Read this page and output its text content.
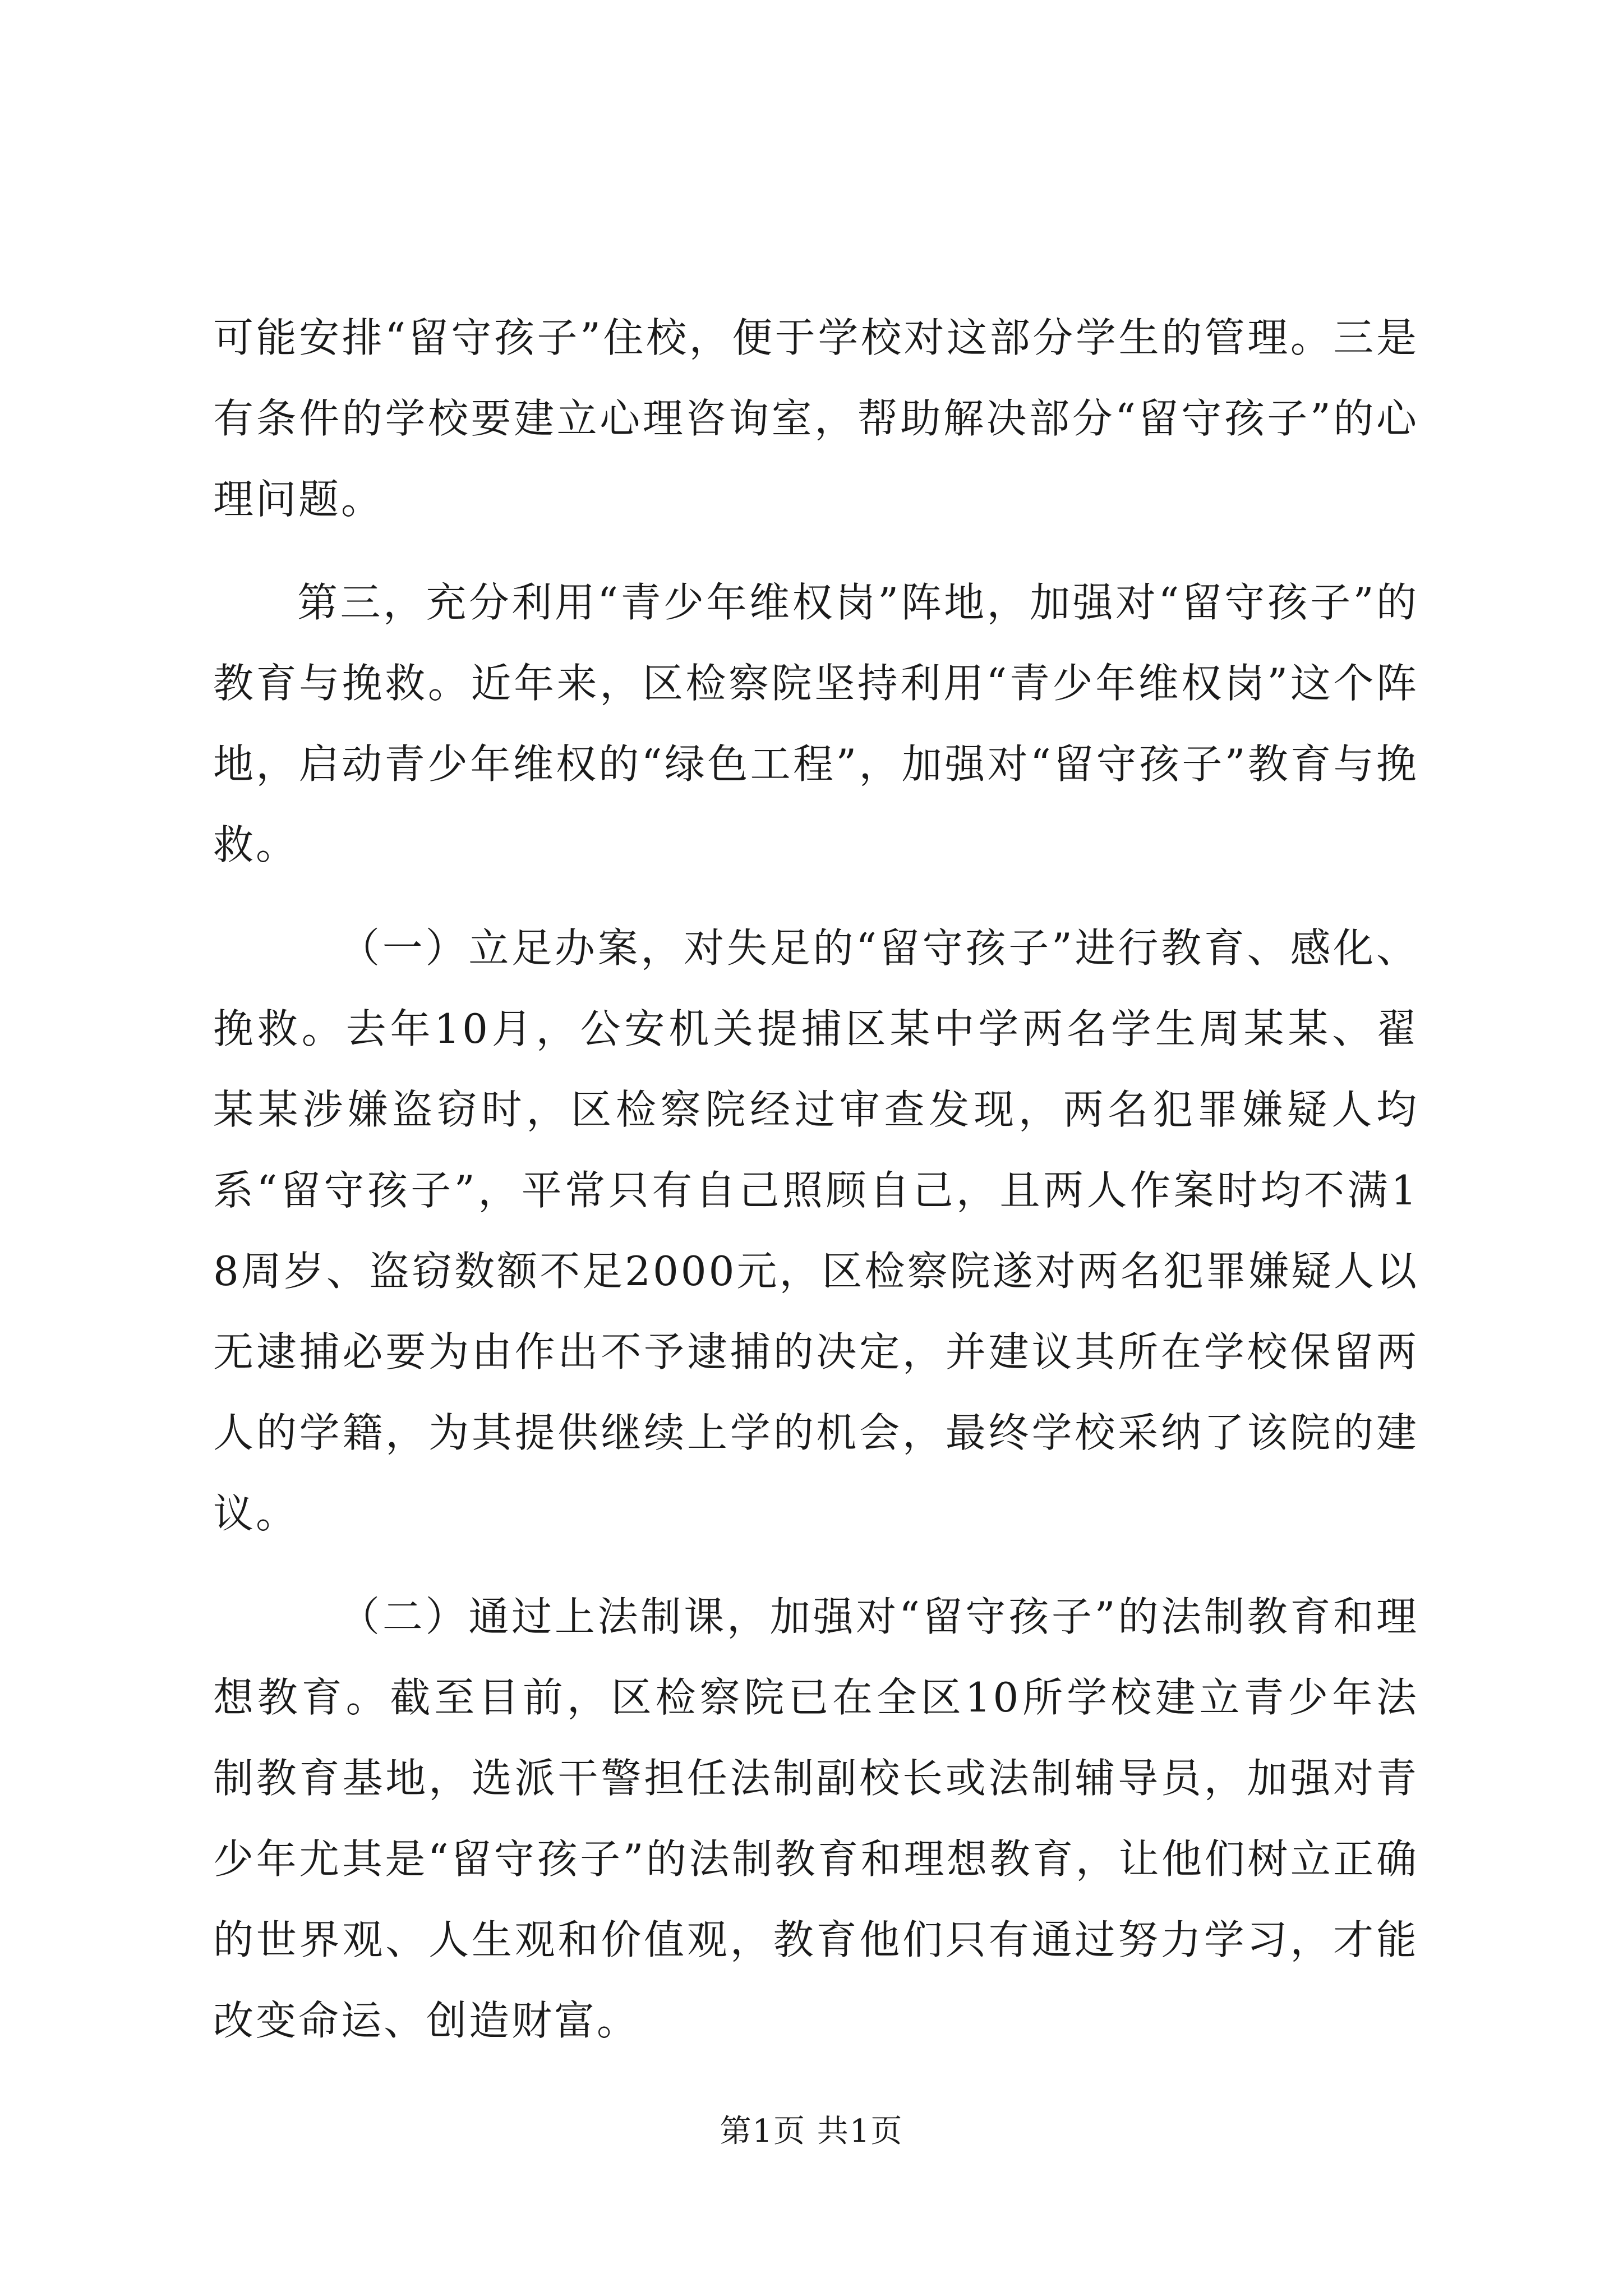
可能安排“留守孩子”住校，便于学校对这部分学生的管理。三是有条件的学校要建立心理咨询室，帮助解决部分“留守孩子”的心理问题。

第三，充分利用“青少年维权岗”阵地，加强对“留守孩子”的教育与挽救。近年来，区检察院坚持利用“青少年维权岗”这个阵地，启动青少年维权的“绿色工程”，加强对“留守孩子”教育与挽救。

（一）立足办案，对失足的“留守孩子”进行教育、感化、挽救。去年10月，公安机关提捕区某中学两名学生周某某、翟某某涉嫌盗窃时，区检察院经过审查发现，两名犯罪嫌疑人均系“留守孩子”，平常只有自己照顾自己，且两人作案时均不满18周岁、盗窃数额不足2000元，区检察院遂对两名犯罪嫌疑人以无逮捕必要为由作出不予逮捕的决定，并建议其所在学校保留两人的学籍，为其提供继续上学的机会，最终学校采纳了该院的建议。

（二）通过上法制课，加强对“留守孩子”的法制教育和理想教育。截至目前，区检察院已在全区10所学校建立青少年法制教育基地，选派干警担任法制副校长或法制辅导员，加强对青少年尤其是“留守孩子”的法制教育和理想教育，让他们树立正确的世界观、人生观和价值观，教育他们只有通过努力学习，才能改变命运、创造财富。

第1页 共1页
